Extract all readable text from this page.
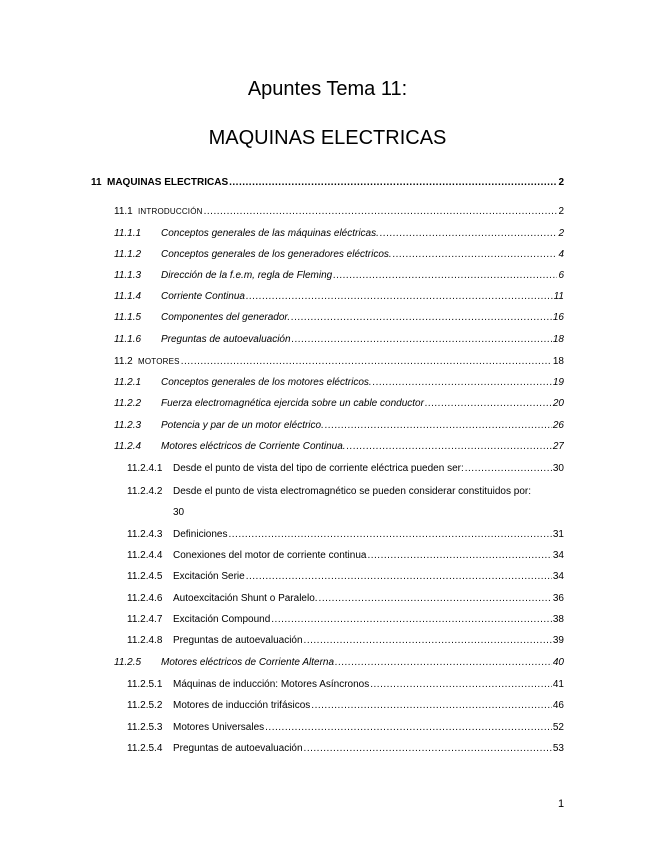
Apuntes Tema 11:
MAQUINAS ELECTRICAS
11 MAQUINAS ELECTRICAS .....	2
11.1 INTRODUCCIÓN .....	2
11.1.1	Conceptos generales de las máquinas eléctricas. .....	2
11.1.2	Conceptos generales de los generadores eléctricos. .....	4
11.1.3	Dirección de la f.e.m, regla de Fleming .....	6
11.1.4	Corriente Continua .....	11
11.1.5	Componentes del generador. .....	16
11.1.6	Preguntas de autoevaluación .....	18
11.2 MOTORES .....	18
11.2.1	Conceptos generales de los motores eléctricos. .....	19
11.2.2	Fuerza electromagnética ejercida sobre un cable conductor .....	20
11.2.3	Potencia y par de un motor eléctrico. .....	26
11.2.4	Motores eléctricos de Corriente Continua. .....	27
11.2.4.1	Desde el punto de vista del tipo de corriente eléctrica pueden ser: .....	30
11.2.4.2 Desde el punto de vista electromagnético se pueden considerar constituidos por:
30
11.2.4.3	Definiciones .....	31
11.2.4.4	Conexiones del motor de corriente continua .....	34
11.2.4.5	Excitación Serie .....	34
11.2.4.6	Autoexcitación Shunt o Paralelo. .....	36
11.2.4.7	Excitación Compound .....	38
11.2.4.8	Preguntas de autoevaluación .....	39
11.2.5	Motores eléctricos de Corriente Alterna .....	40
11.2.5.1	Máquinas de inducción: Motores Asíncronos .....	41
11.2.5.2	Motores de inducción trifásicos .....	46
11.2.5.3	Motores Universales .....	52
11.2.5.4	Preguntas de autoevaluación .....	53
1
